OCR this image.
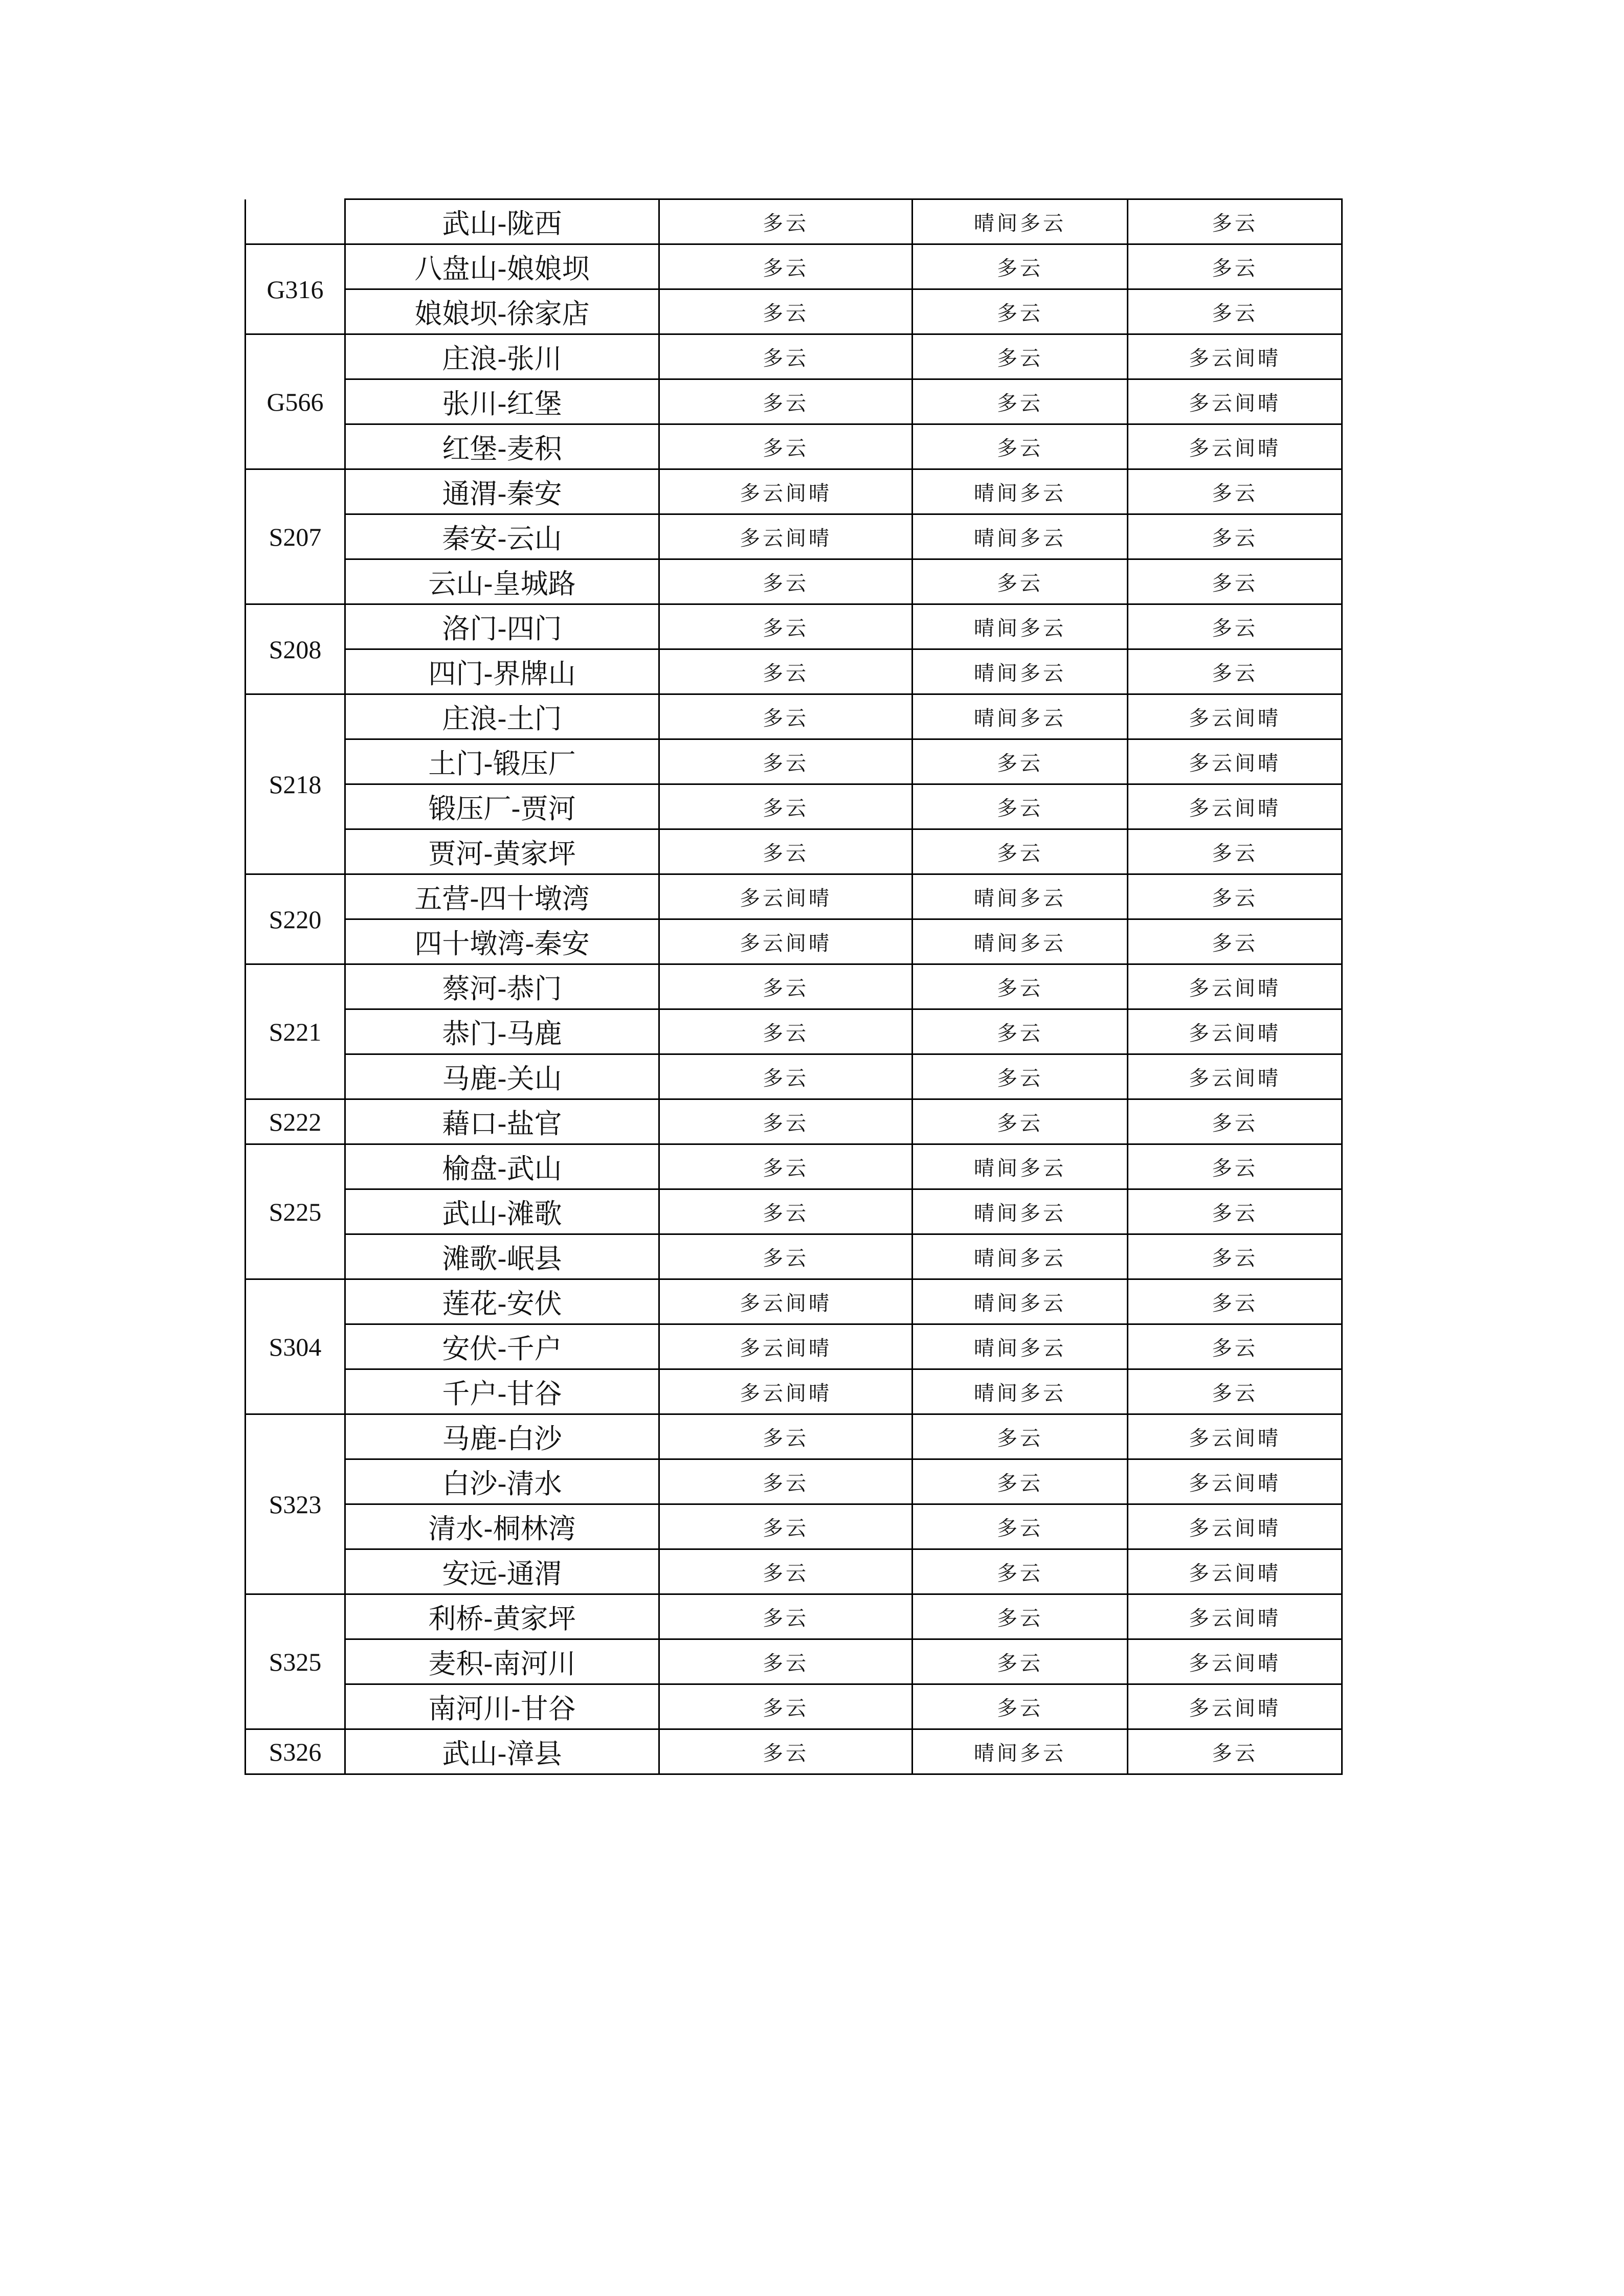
	武山-陇西	多云	晴间多云	多云
G316	八盘山-娘娘坝	多云	多云	多云
	娘娘坝-徐家店	多云	多云	多云
G566	庄浪-张川	多云	多云	多云间晴
	张川-红堡	多云	多云	多云间晴
	红堡-麦积	多云	多云	多云间晴
S207	通渭-秦安	多云间晴	晴间多云	多云
	秦安-云山	多云间晴	晴间多云	多云
	云山-皇城路	多云	多云	多云
S208	洛门-四门	多云	晴间多云	多云
	四门-界牌山	多云	晴间多云	多云
S218	庄浪-土门	多云	晴间多云	多云间晴
	土门-锻压厂	多云	多云	多云间晴
	锻压厂-贾河	多云	多云	多云间晴
	贾河-黄家坪	多云	多云	多云
S220	五营-四十墩湾	多云间晴	晴间多云	多云
	四十墩湾-秦安	多云间晴	晴间多云	多云
S221	蔡河-恭门	多云	多云	多云间晴
	恭门-马鹿	多云	多云	多云间晴
	马鹿-关山	多云	多云	多云间晴
S222	藉口-盐官	多云	多云	多云
S225	榆盘-武山	多云	晴间多云	多云
	武山-滩歌	多云	晴间多云	多云
	滩歌-岷县	多云	晴间多云	多云
S304	莲花-安伏	多云间晴	晴间多云	多云
	安伏-千户	多云间晴	晴间多云	多云
	千户-甘谷	多云间晴	晴间多云	多云
S323	马鹿-白沙	多云	多云	多云间晴
	白沙-清水	多云	多云	多云间晴
	清水-桐林湾	多云	多云	多云间晴
	安远-通渭	多云	多云	多云间晴
S325	利桥-黄家坪	多云	多云	多云间晴
	麦积-南河川	多云	多云	多云间晴
	南河川-甘谷	多云	多云	多云间晴
S326	武山-漳县	多云	晴间多云	多云
